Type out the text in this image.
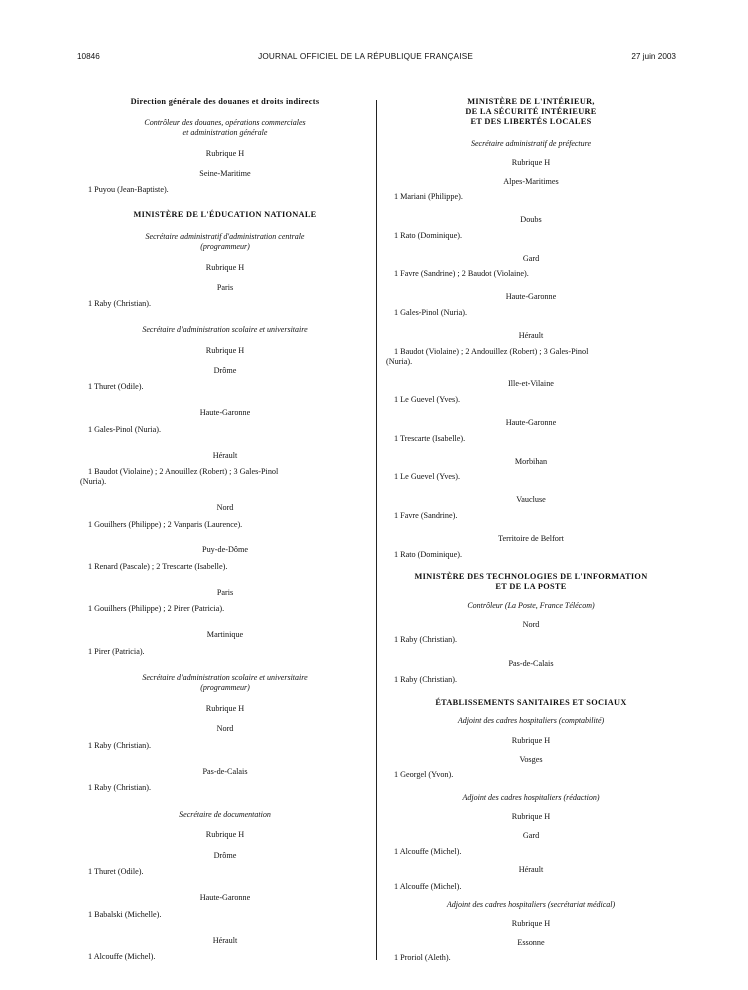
10846	JOURNAL OFFICIEL DE LA RÉPUBLIQUE FRANÇAISE	27 juin 2003
Direction générale des douanes et droits indirects
Contrôleur des douanes, opérations commerciales
et administration générale
Rubrique H
Seine-Maritime
1 Puyou (Jean-Baptiste).
MINISTÈRE DE L'ÉDUCATION NATIONALE
Secrétaire administratif d'administration centrale
(programmeur)
Rubrique H
Paris
1 Raby (Christian).
Secrétaire d'administration scolaire et universitaire
Rubrique H
Drôme
1 Thuret (Odile).
Haute-Garonne
1 Gales-Pinol (Nuria).
Hérault
1 Baudot (Violaine) ; 2 Anouillez (Robert) ; 3 Gales-Pinol
(Nuria).
Nord
1 Gouilhers (Philippe) ; 2 Vanparis (Laurence).
Puy-de-Dôme
1 Renard (Pascale) ; 2 Trescarte (Isabelle).
Paris
1 Gouilhers (Philippe) ; 2 Pirer (Patricia).
Martinique
1 Pirer (Patricia).
Secrétaire d'administration scolaire et universitaire
(programmeur)
Rubrique H
Nord
1 Raby (Christian).
Pas-de-Calais
1 Raby (Christian).
Secrétaire de documentation
Rubrique H
Drôme
1 Thuret (Odile).
Haute-Garonne
1 Babalski (Michelle).
Hérault
1 Alcouffe (Michel).
MINISTÈRE DE L'INTÉRIEUR,
DE LA SÉCURITÉ INTÉRIEURE
ET DES LIBERTÉS LOCALES
Secrétaire administratif de préfecture
Rubrique H
Alpes-Maritimes
1 Mariani (Philippe).
Doubs
1 Rato (Dominique).
Gard
1 Favre (Sandrine) ; 2 Baudot (Violaine).
Haute-Garonne
1 Gales-Pinol (Nuria).
Hérault
1 Baudot (Violaine) ; 2 Andouillez (Robert) ; 3 Gales-Pinol
(Nuria).
Ille-et-Vilaine
1 Le Guevel (Yves).
Haute-Garonne
1 Trescarte (Isabelle).
Morbihan
1 Le Guevel (Yves).
Vaucluse
1 Favre (Sandrine).
Territoire de Belfort
1 Rato (Dominique).
MINISTÈRE DES TECHNOLOGIES DE L'INFORMATION
ET DE LA POSTE
Contrôleur (La Poste, France Télécom)
Nord
1 Raby (Christian).
Pas-de-Calais
1 Raby (Christian).
ÉTABLISSEMENTS SANITAIRES ET SOCIAUX
Adjoint des cadres hospitaliers (comptabilité)
Rubrique H
Vosges
1 Georgel (Yvon).
Adjoint des cadres hospitaliers (rédaction)
Rubrique H
Gard
1 Alcouffe (Michel).
Hérault
1 Alcouffe (Michel).
Adjoint des cadres hospitaliers (secrétariat médical)
Rubrique H
Essonne
1 Proriol (Aleth).
